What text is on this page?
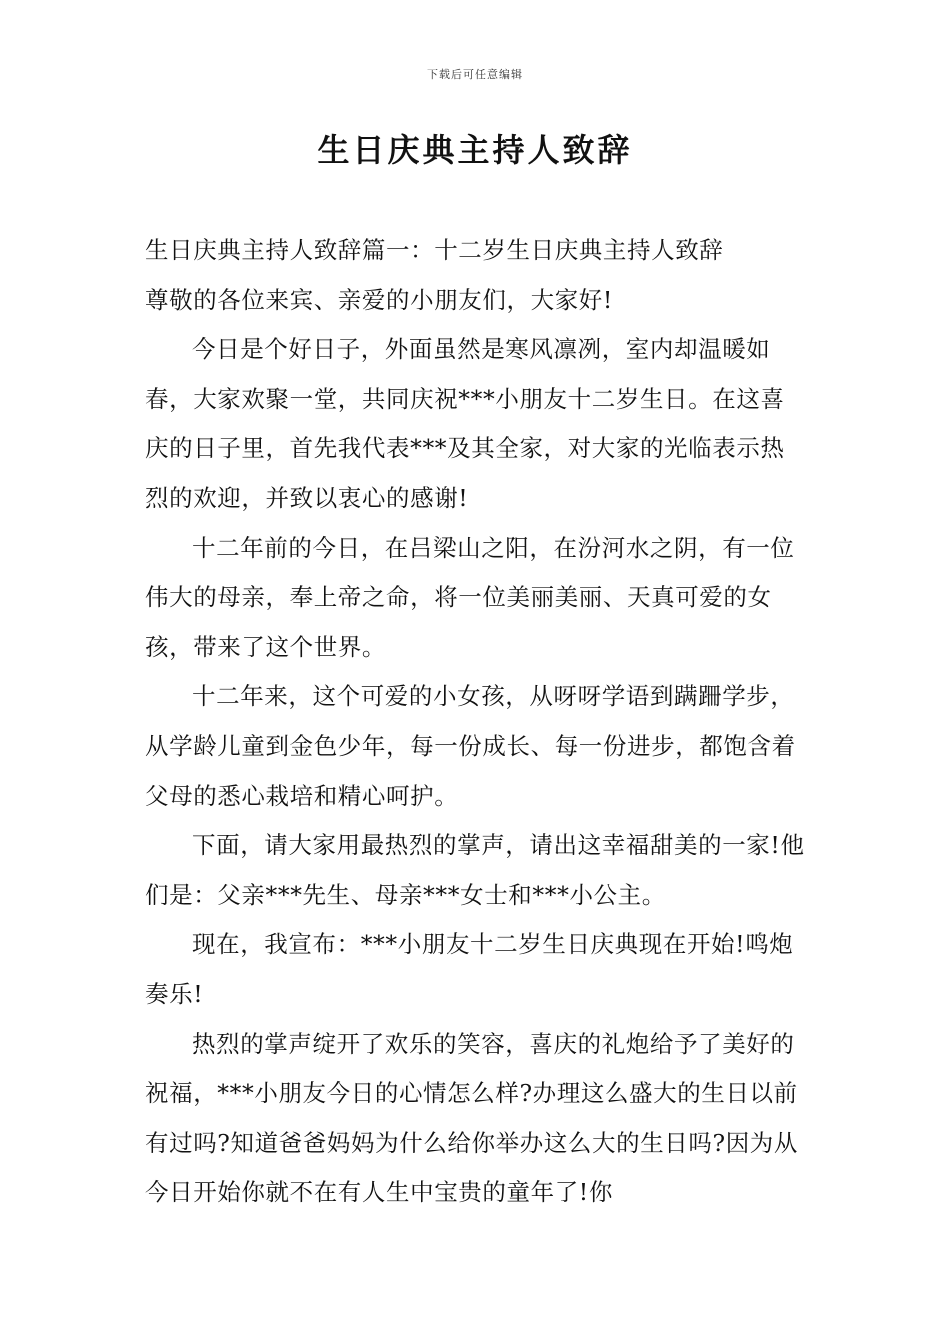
下载后可任意编辑
生日庆典主持人致辞

生日庆典主持人致辞篇一：十二岁生日庆典主持人致辞

尊敬的各位来宾、亲爱的小朋友们，大家好!

今日是个好日子，外面虽然是寒风凛冽，室内却温暖如春，大家欢聚一堂，共同庆祝***小朋友十二岁生日。在这喜庆的日子里，首先我代表***及其全家，对大家的光临表示热烈的欢迎，并致以衷心的感谢!

十二年前的今日，在吕梁山之阳，在汾河水之阴，有一位伟大的母亲，奉上帝之命，将一位美丽美丽、天真可爱的女孩，带来了这个世界。

十二年来，这个可爱的小女孩，从呀呀学语到蹒跚学步，从学龄儿童到金色少年，每一份成长、每一份进步，都饱含着父母的悉心栽培和精心呵护。

下面，请大家用最热烈的掌声，请出这幸福甜美的一家!他们是：父亲***先生、母亲***女士和***小公主。

现在，我宣布：***小朋友十二岁生日庆典现在开始!鸣炮奏乐!

热烈的掌声绽开了欢乐的笑容，喜庆的礼炮给予了美好的祝福，***小朋友今日的心情怎么样?办理这么盛大的生日以前有过吗?知道爸爸妈妈为什么给你举办这么大的生日吗?因为从今日开始你就不在有人生中宝贵的童年了!你
